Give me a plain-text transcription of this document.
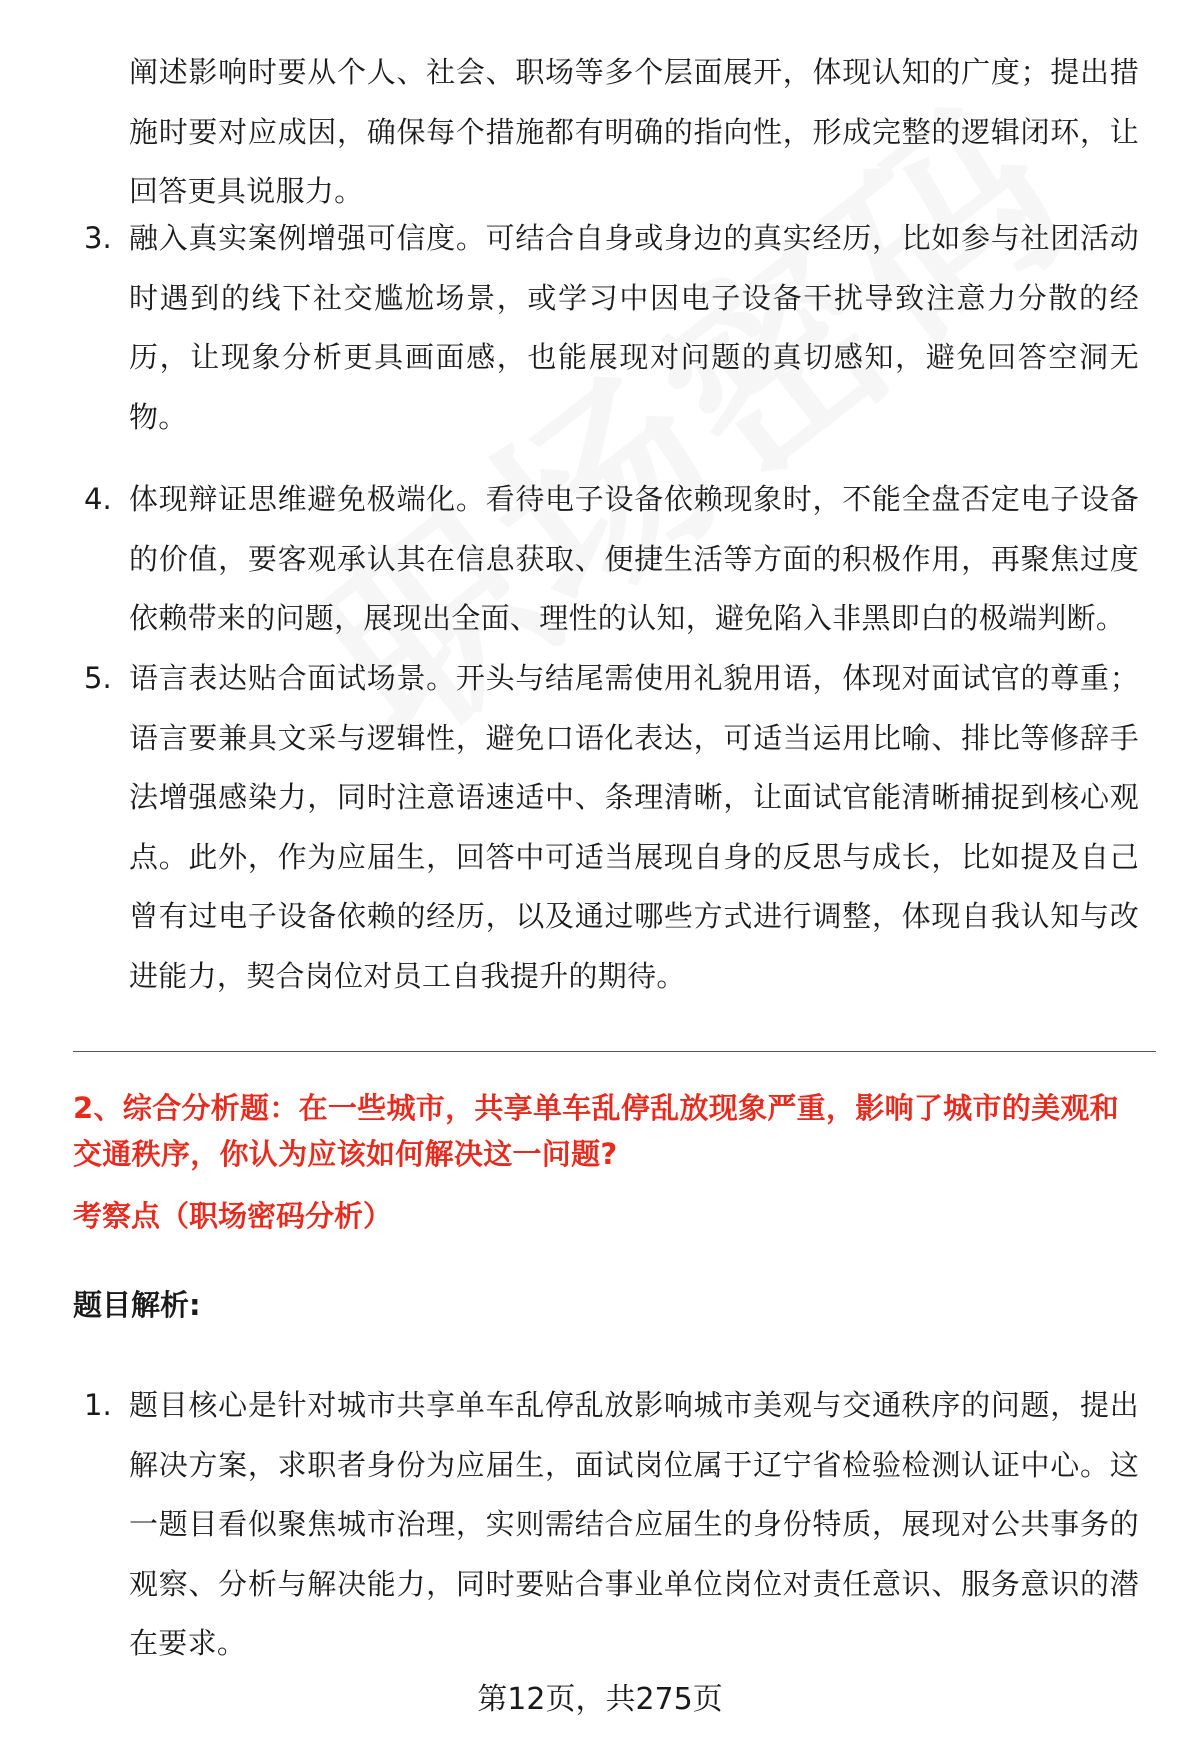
阐述影响时要从个人、社会、职场等多个层面展开，体现认知的广度；提出措施时要对应成因，确保每个措施都有明确的指向性，形成完整的逻辑闭环，让回答更具说服力。
3. 融入真实案例增强可信度。可结合自身或身边的真实经历，比如参与社团活动时遇到的线下社交尴尬场景，或学习中因电子设备干扰导致注意力分散的经历，让现象分析更具画面感，也能展现对问题的真切感知，避免回答空洞无物。
4. 体现辩证思维避免极端化。看待电子设备依赖现象时，不能全盘否定电子设备的价值，要客观承认其在信息获取、便捷生活等方面的积极作用，再聚焦过度依赖带来的问题，展现出全面、理性的认知，避免陷入非黑即白的极端判断。
5. 语言表达贴合面试场景。开头与结尾需使用礼貌用语，体现对面试官的尊重；语言要兼具文采与逻辑性，避免口语化表达，可适当运用比喻、排比等修辞手法增强感染力，同时注意语速适中、条理清晰，让面试官能清晰捕捉到核心观点。此外，作为应届生，回答中可适当展现自身的反思与成长，比如提及自己曾有过电子设备依赖的经历，以及通过哪些方式进行调整，体现自我认知与改进能力，契合岗位对员工自我提升的期待。
2、综合分析题：在一些城市，共享单车乱停乱放现象严重，影响了城市的美观和交通秩序，你认为应该如何解决这一问题?
考察点（职场密码分析）
题目解析:
1. 题目核心是针对城市共享单车乱停乱放影响城市美观与交通秩序的问题，提出解决方案，求职者身份为应届生，面试岗位属于辽宁省检验检测认证中心。这一题目看似聚焦城市治理，实则需结合应届生的身份特质，展现对公共事务的观察、分析与解决能力，同时要贴合事业单位岗位对责任意识、服务意识的潜在要求。
第12页，共275页
